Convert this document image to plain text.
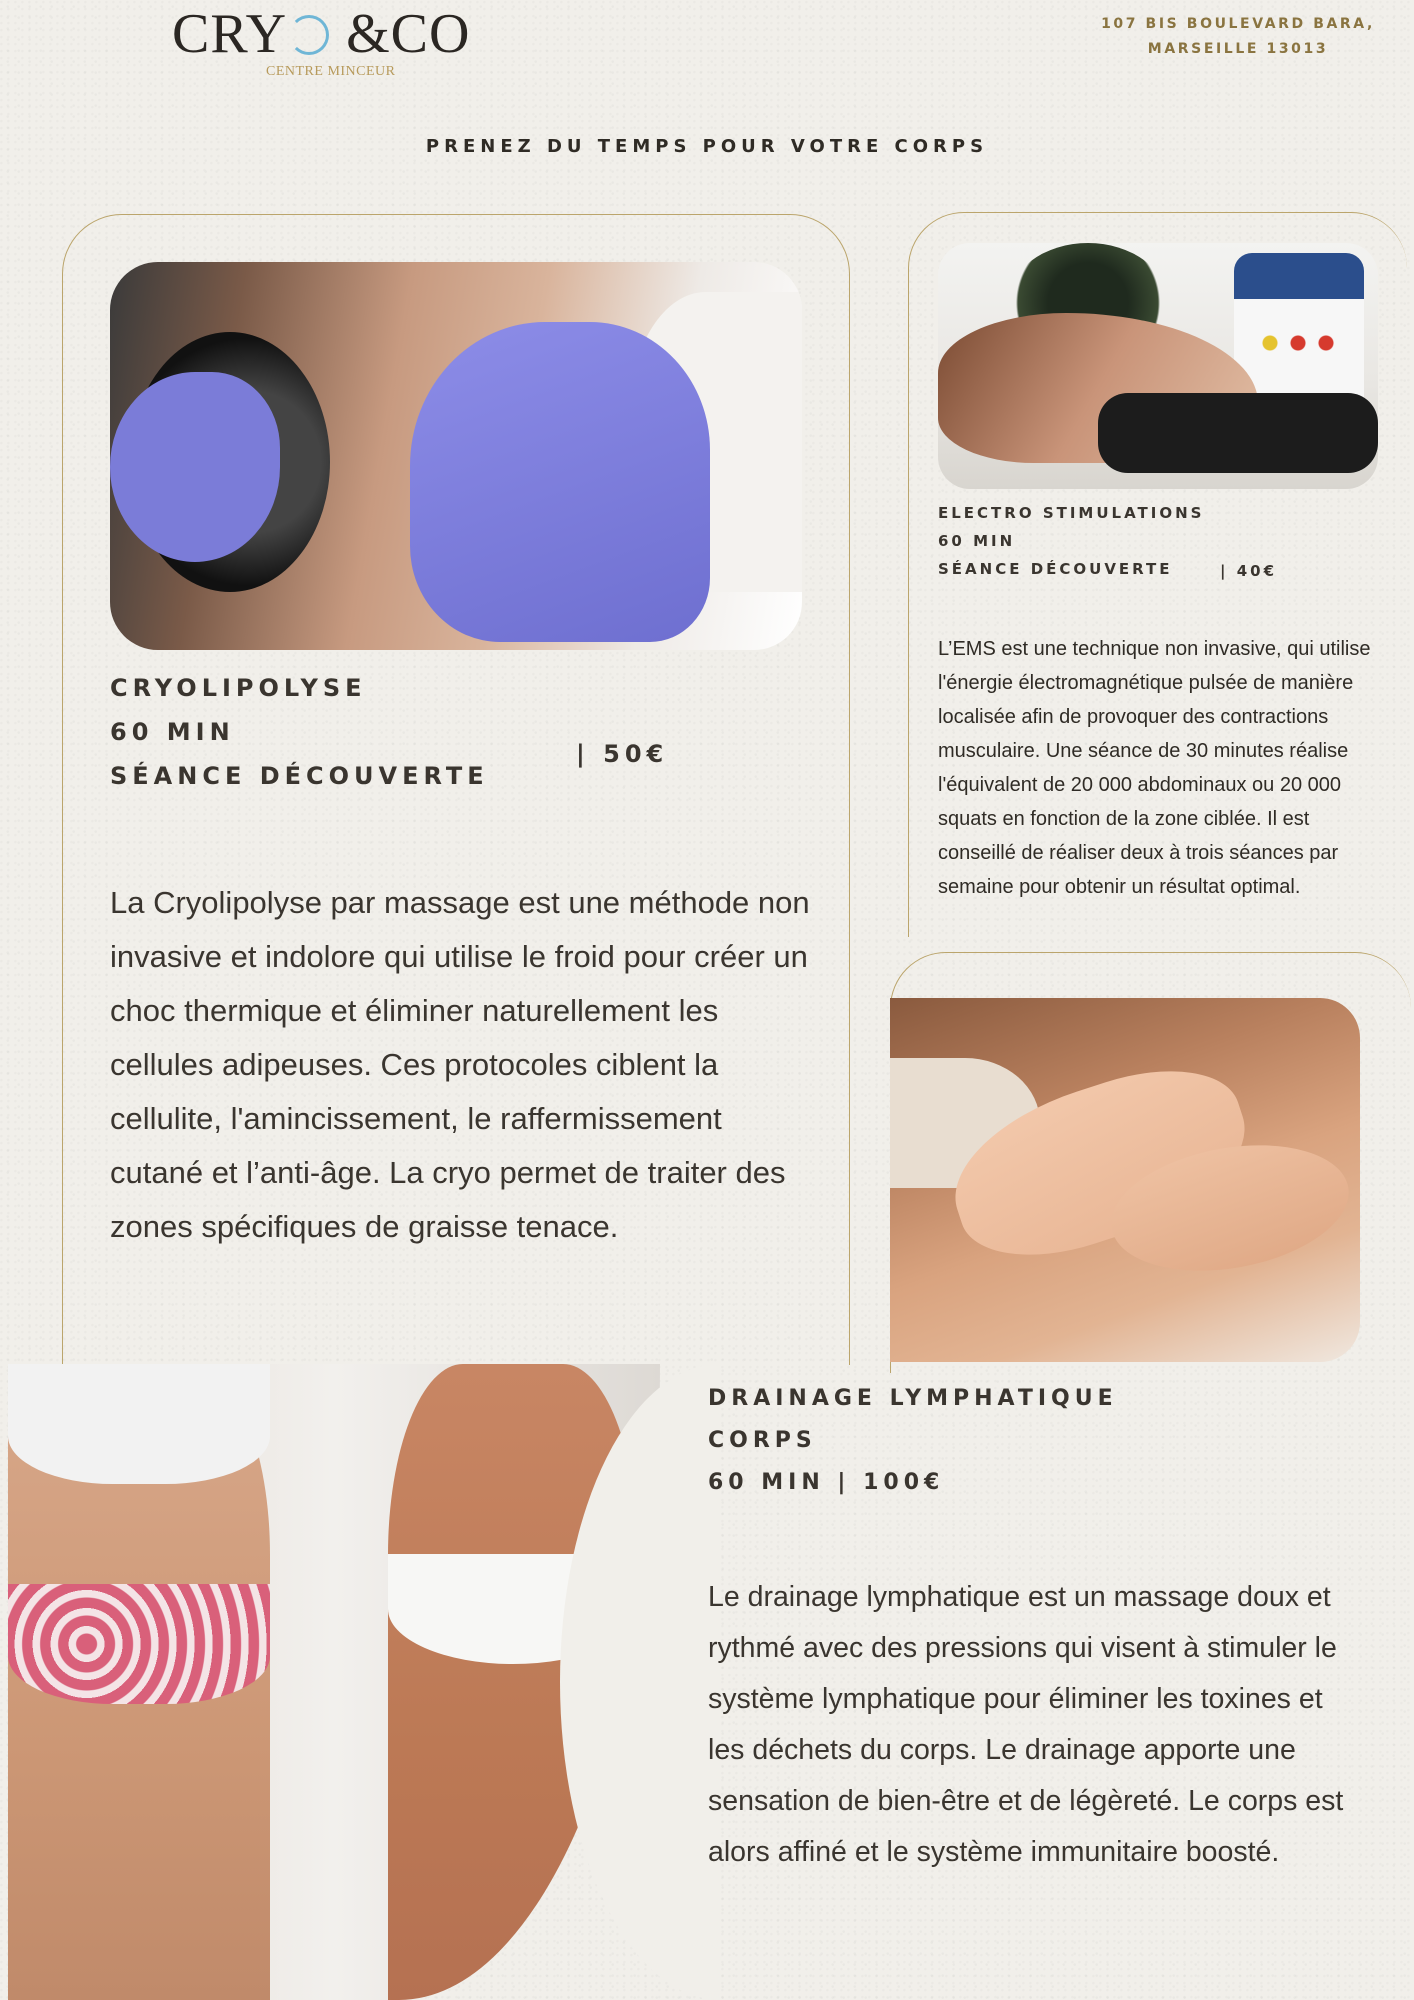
CRY &CO
CENTRE MINCEUR
107 BIS BOULEVARD BARA,
MARSEILLE 13013
PRENEZ DU TEMPS POUR VOTRE CORPS
CRYOLIPOLYSE
60 MIN
SÉANCE DÉCOUVERTE
| 50€
La Cryolipolyse par massage est une méthode non invasive et indolore qui utilise le froid pour créer un choc thermique et éliminer naturellement les cellules adipeuses. Ces protocoles ciblent la cellulite, l'amincissement, le raffermissement cutané et l’anti-âge. La cryo permet de traiter des zones spécifiques de graisse tenace.
ELECTRO STIMULATIONS
60 MIN
SÉANCE DÉCOUVERTE	| 40€
L’EMS est une technique non invasive, qui utilise l'énergie électromagnétique pulsée de manière localisée afin de provoquer des contractions musculaire. Une séance de 30 minutes réalise l'équivalent de 20 000 abdominaux ou 20 000 squats en fonction de la zone ciblée. Il est conseillé de réaliser deux à trois séances par semaine pour obtenir un résultat optimal.
DRAINAGE LYMPHATIQUE
CORPS
60 MIN | 100€
Le drainage lymphatique est un massage doux et rythmé avec des pressions qui visent à stimuler le système lymphatique pour éliminer les toxines et les déchets du corps. Le drainage apporte une sensation de bien-être et de légèreté. Le corps est alors affiné et le système immunitaire boosté.
